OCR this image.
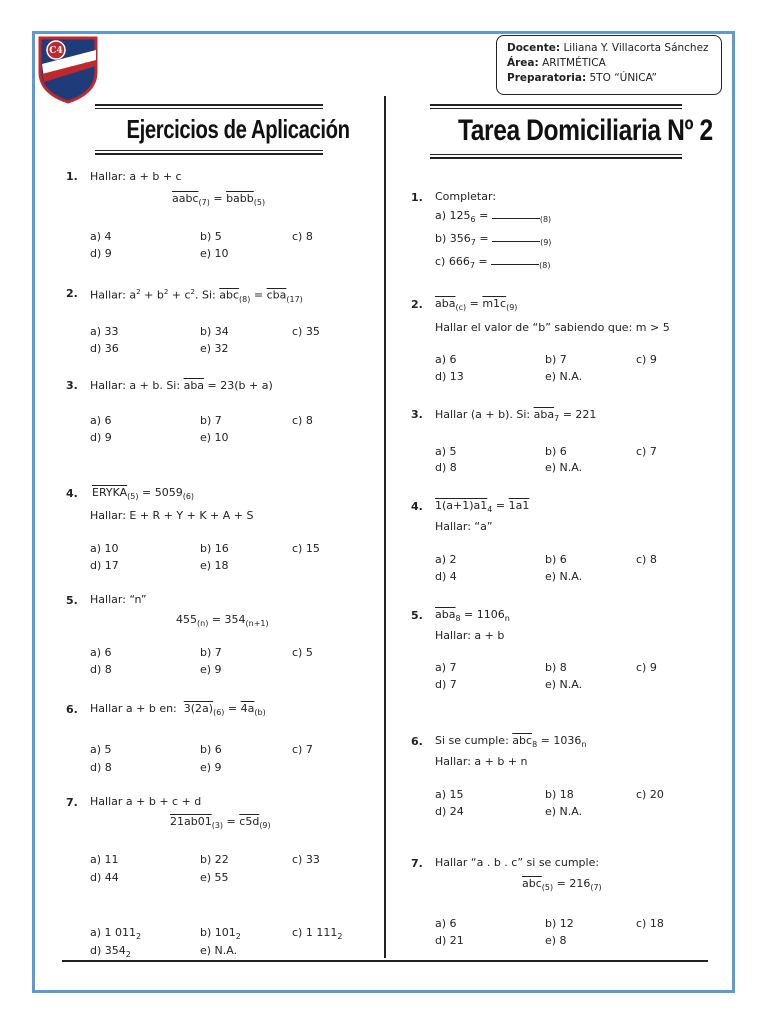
C4
Chis Alegría
Docente: Liliana Y. Villacorta Sánchez
Área: ARITMÉTICA
Preparatoria: 5TO “ÚNICA”
Ejercicios de Aplicación	Tarea Domiciliaria Nº 2
1. Hallar: a + b + c
aabc$_{(7)}$ = babb$_{(5)}$
a) 4	b) 5	c) 8
d) 9	e) 10
2. Hallar: $a^2 + b^2 + c^2$. Si: $\overline{abc}_{(8)} = \overline{cba}_{(17)}$
a) 33	b) 34	c) 35
d) 36	e) 32
3. Hallar: a + b. Si: $\overline{aba} = 23(b + a)$
a) 6	b) 7	c) 8
d) 9	e) 10
4. $ERYKA_{(5)} = 5059_{(6)}$
Hallar: E + R + Y + K + A + S
a) 10	b) 16	c) 15
d) 17	e) 18
5. Hallar: “n”
$455_{(n)} = 354_{(n+1)}$
a) 6	b) 7	c) 5
d) 8	e) 9
6. Hallar a + b en: $3(2a)_{(6)} = 4a_{(b)}$
a) 5	b) 6	c) 7
d) 8	e) 9
7. Hallar a + b + c + d
$21ab01_{(3)} = c5d_{(9)}$
a) 11	b) 22	c) 33
d) 44	e) 55
a) 1 $011_2$	b) $101_2$	c) 1 $111_2$
d) $354_2$	e) N.A.
1. Completar:
a) $125_6$ =	$_{(8)}$
b) $356_7$ =	$_{(9)}$
c) $666_7$ =	$_{(8)}$
2. $\overline{aba}_{(c)} = m1c_{(9)}$
Hallar el valor de “b” sabiendo que: m > 5
a) 6	b) 7	c) 9
d) 13	e) N.A.
3. Hallar (a + b). Si: $\overline{aba}_7 = 221$
a) 5	b) 6	c) 7
d) 8	e) N.A.
4. $1(a+1)a1_4 = 1a1$
Hallar: “a”
a) 2	b) 6	c) 8
d) 4	e) N.A.
5. $\overline{aba}_8 = 1106_n$
Hallar: a + b
a) 7	b) 8	c) 9
d) 7	e) N.A.
6. Si se cumple: $\overline{abc}_8 = 1036_n$
Hallar: a + b + n
a) 15	b) 18	c) 20
d) 24	e) N.A.
7. Hallar “a . b . c” si se cumple:
$\overline{abc}_{(5)} = 216_{(7)}$
a) 6	b) 12	c) 18
d) 21	e) 8
